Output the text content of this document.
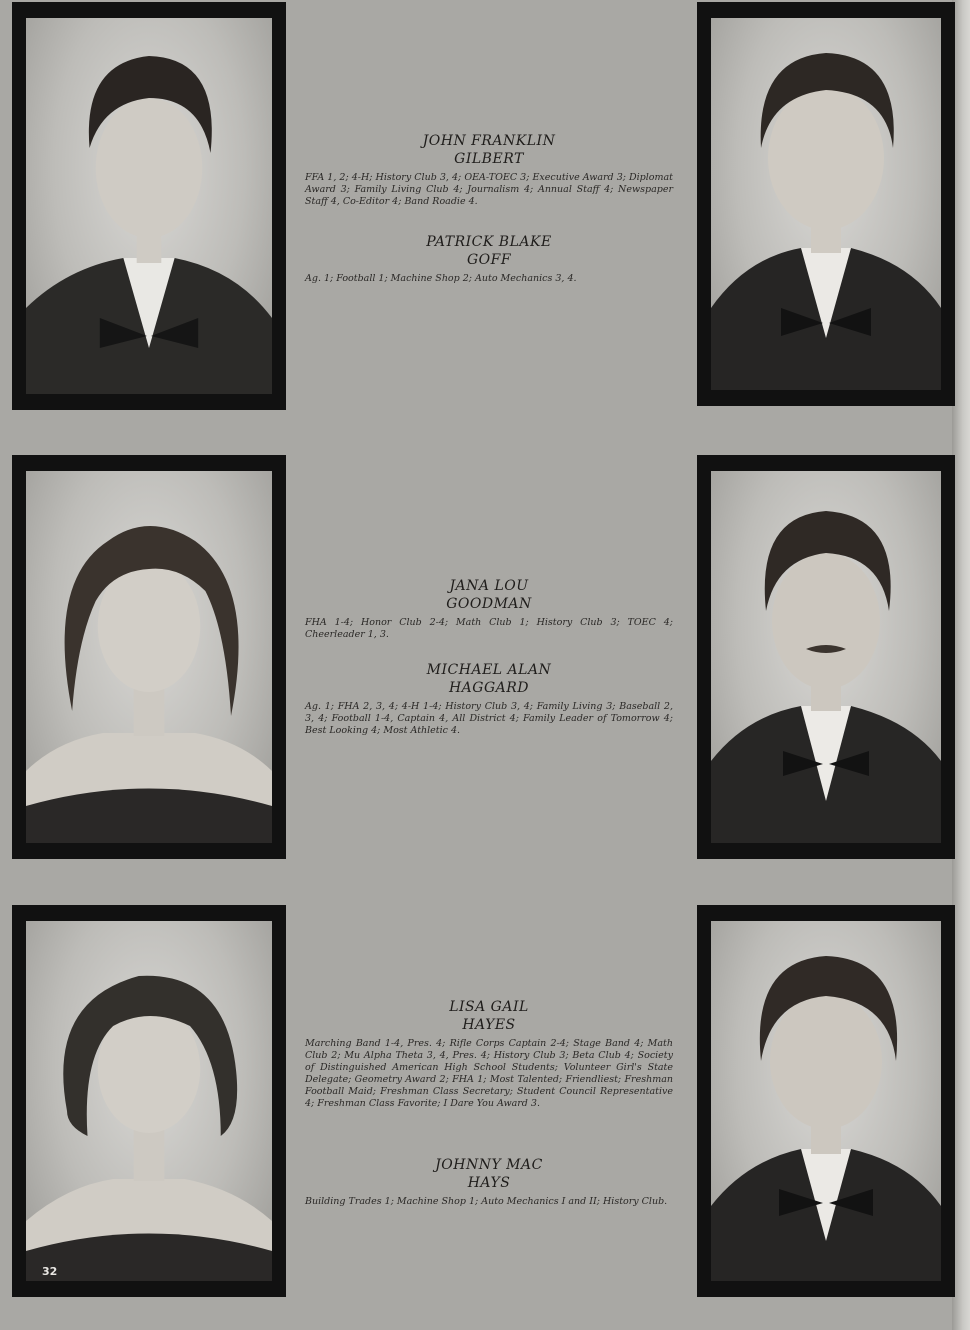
JOHN FRANKLIN
GILBERT
FFA 1, 2; 4-H; History Club 3, 4; OEA-TOEC 3; Executive Award 3; Diplomat Award 3; Family Living Club 4; Journalism 4; Annual Staff 4; Newspaper Staff 4, Co-Editor 4; Band Roadie 4.
PATRICK BLAKE
GOFF
Ag. 1; Football 1; Machine Shop 2; Auto Mechanics 3, 4.
JANA LOU
GOODMAN
FHA 1-4; Honor Club 2-4; Math Club 1; History Club 3; TOEC 4; Cheerleader 1, 3.
MICHAEL ALAN
HAGGARD
Ag. 1; FHA 2, 3, 4; 4-H 1-4; History Club 3, 4; Family Living 3; Baseball 2, 3, 4; Football 1-4, Captain 4, All District 4; Family Leader of Tomorrow 4; Best Looking 4; Most Athletic 4.
LISA GAIL
HAYES
Marching Band 1-4, Pres. 4; Rifle Corps Captain 2-4; Stage Band 4; Math Club 2; Mu Alpha Theta 3, 4, Pres. 4; History Club 3; Beta Club 4; Society of Distinguished American High School Students; Volunteer Girl's State Delegate; Geometry Award 2; FHA 1; Most Talented; Friendliest; Freshman Football Maid; Freshman Class Secretary; Student Council Representative 4; Freshman Class Favorite; I Dare You Award 3.
JOHNNY MAC
HAYS
Building Trades 1; Machine Shop 1; Auto Mechanics I and II; History Club.
32
